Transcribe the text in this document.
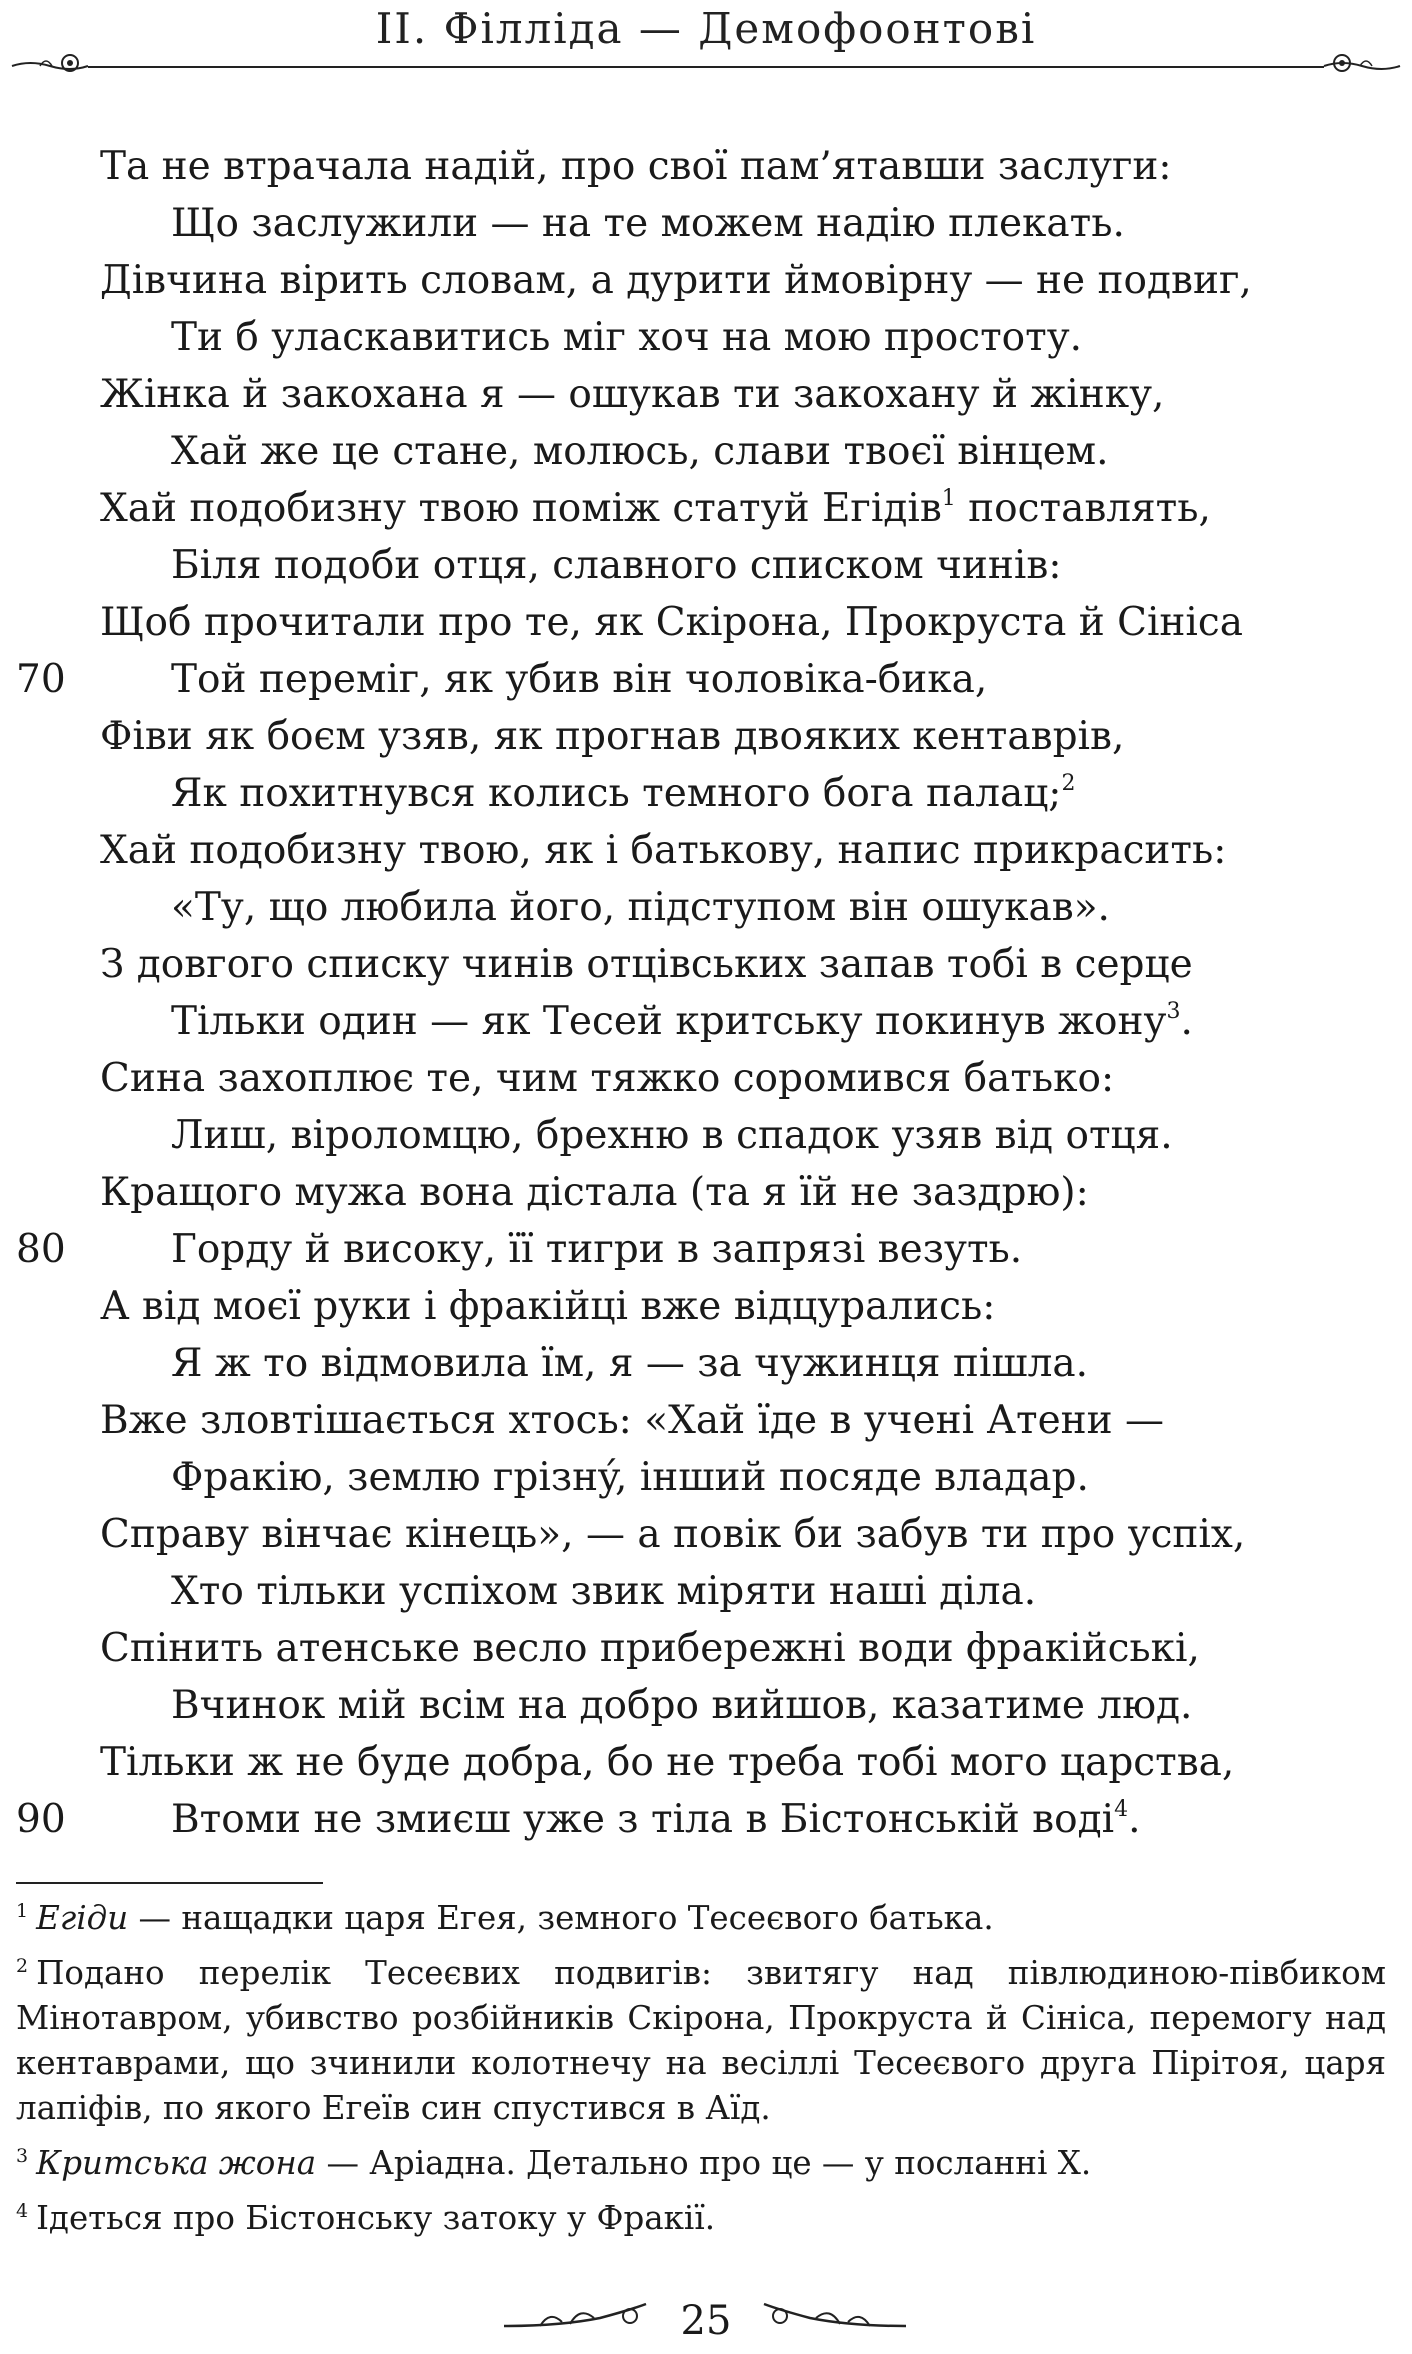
II. Філліда — Демофоонтові
Та не втрачала надій, про свої пам’ятавши заслуги:
Що заслужили — на те можем надію плекать.
Дівчина вірить словам, а дурити ймовірну — не подвиг,
Ти б уласкавитись міг хоч на мою простоту.
Жінка й закохана я — ошукав ти закохану й жінку,
Хай же це стане, молюсь, слави твоєї вінцем.
Хай подобизну твою поміж статуй Егідів$^1$ поставлять,
Біля подоби отця, славного списком чинів:
Щоб прочитали про те, як Скірона, Прокруста й Сініса
70	Той переміг, як убив він чоловіка-бика,
Фіви як боєм узяв, як прогнав двояких кентаврів,
Як похитнувся колись темного бога палац;$^2$
Хай подобизну твою, як і батькову, напис прикрасить:
«Ту, що любила його, підступом він ошукав».
З довгого списку чинів отцівських запав тобі в серце
Тільки один — як Тесей критську покинув жону$^3$.
Сина захоплює те, чим тяжко соромився батько:
Лиш, віроломцю, брехню в спадок узяв від отця.
Кращого мужа вона дістала (та я їй не заздрю):
80	Горду й високу, її тигри в запрязі везуть.
А від моєї руки і фракійці вже відцурались:
Я ж то відмовила їм, я — за чужинця пішла.
Вже зловтішається хтось: «Хай їде в учені Атени —
Фракію, землю грізнý, інший посяде владар.
Справу вінчає кінець», — а повік би забув ти про успіх,
Хто тільки успіхом звик міряти наші діла.
Спінить атенське весло прибережні води фракійські,
Вчинок мій всім на добро вийшов, казатиме люд.
Тільки ж не буде добра, бо не треба тобі мого царства,
90	Втоми не змиєш уже з тіла в Бістонській воді$^4$.
$^1$ Егіди — нащадки царя Егея, земного Тесеєвого батька.
$^2$ Подано перелік Тесеєвих подвигів: звитягу над півлюдиною-півбиком Мінотавром, убивство розбійників Скірона, Прокруста й Сініса, перемогу над кентаврами, що зчинили колотнечу на весіллі Тесеєвого друга Пірітоя, царя лапіфів, по якого Егеїв син спустився в Аїд.
$^3$ Критська жона — Аріадна. Детально про це — у посланні Х.
$^4$ Ідеться про Бістонську затоку у Фракії.
25
